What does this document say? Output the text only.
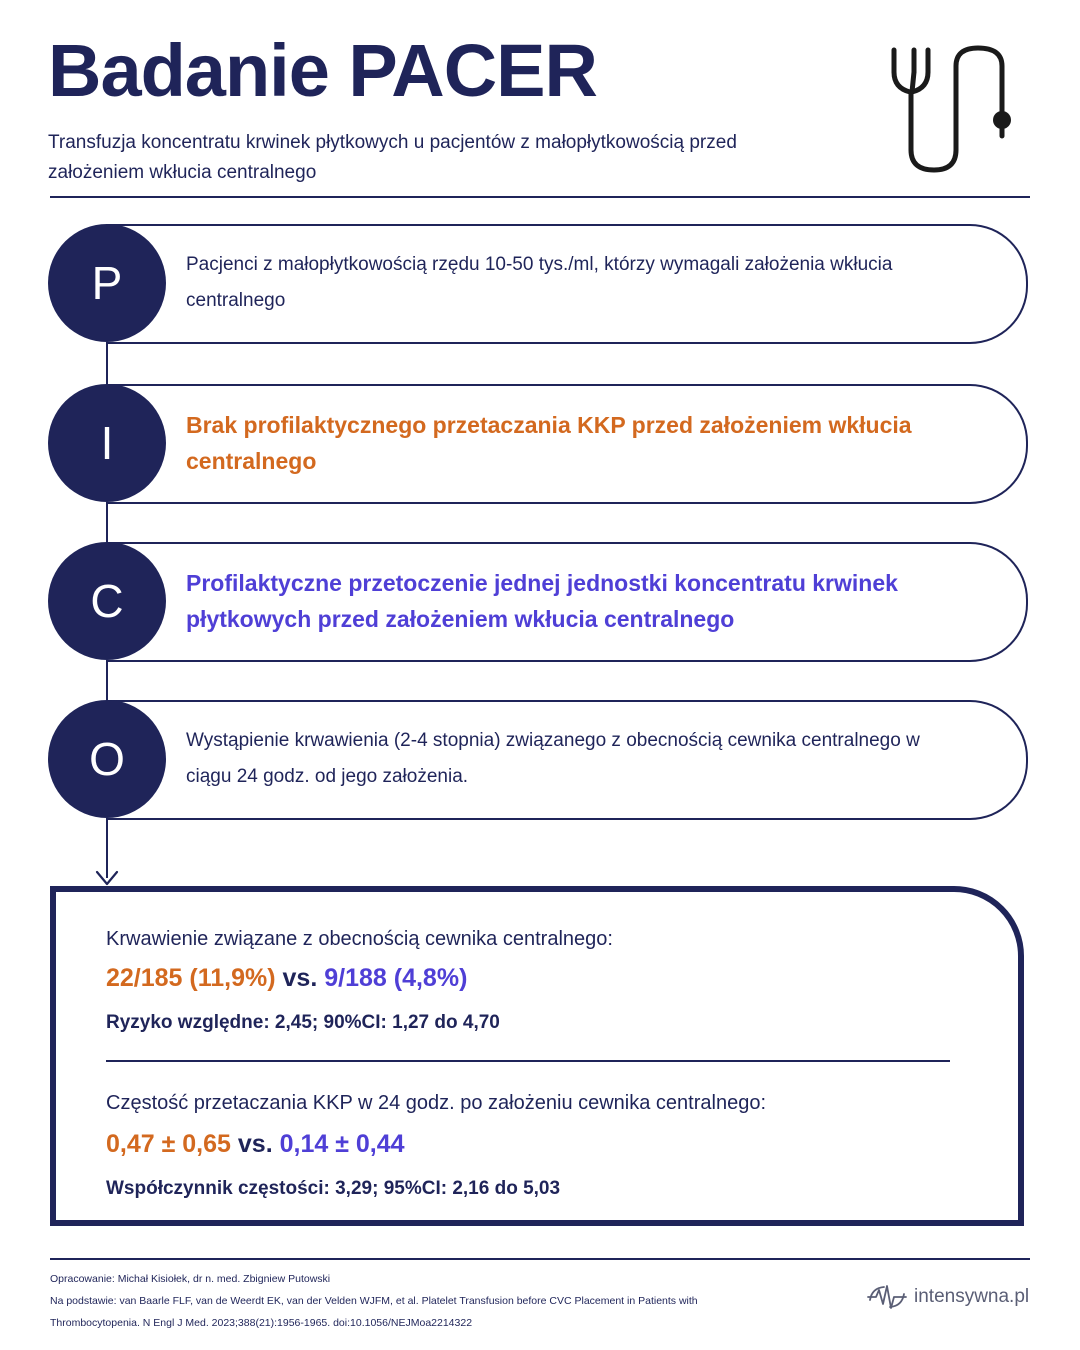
Badanie PACER

Transfuzja koncentratu krwinek płytkowych u pacjentów z małopłytkowością przed założeniem wkłucia centralnego

Pacjenci z małopłytkowością rzędu 10-50 tys./ml, którzy wymagali założenia wkłucia centralnego
P
Brak profilaktycznego przetaczania KKP przed założeniem wkłucia centralnego
I
Profilaktyczne przetoczenie jednej jednostki koncentratu krwinek płytkowych przed założeniem wkłucia centralnego
C
Wystąpienie krwawienia (2-4 stopnia) związanego z obecnością cewnika centralnego w ciągu 24 godz. od jego założenia.
O
Krwawienie związane z obecnością cewnika centralnego:
22/185 (11,9%) vs. 9/188 (4,8%)
Ryzyko względne: 2,45; 90%CI: 1,27 do 4,70
Częstość przetaczania KKP w 24 godz. po założeniu cewnika centralnego:
0,47 ± 0,65 vs. 0,14 ± 0,44
Współczynnik częstości: 3,29; 95%CI: 2,16 do 5,03
Opracowanie: Michał Kisiołek, dr n. med. Zbigniew Putowski
Na podstawie: van Baarle FLF, van de Weerdt EK, van der Velden WJFM, et al. Platelet Transfusion before CVC Placement in Patients with
Thrombocytopenia. N Engl J Med. 2023;388(21):1956-1965. doi:10.1056/NEJMoa2214322
intensywna.pl
